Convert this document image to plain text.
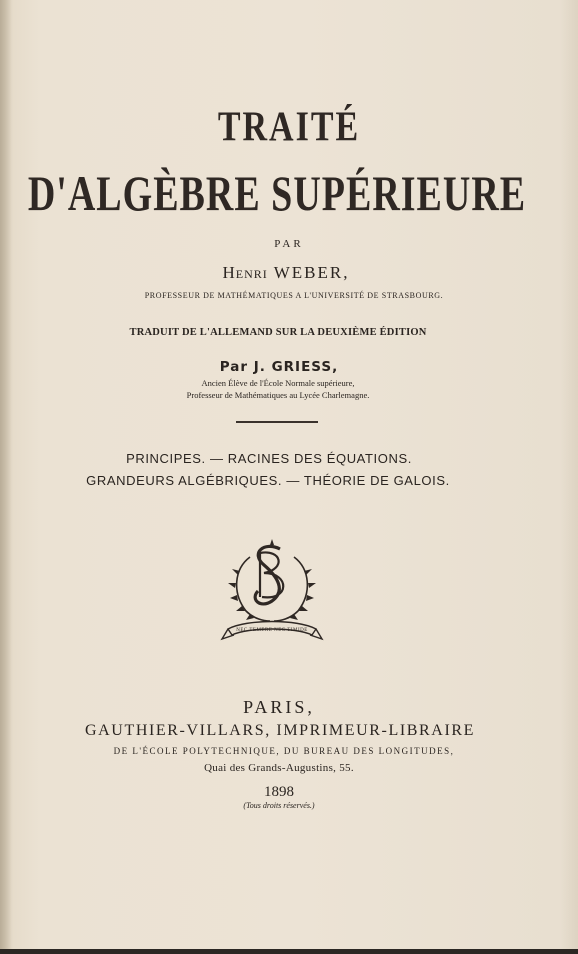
TRAITÉ
D'ALGÈBRE SUPÉRIEURE
PAR
Henri WEBER,
PROFESSEUR DE MATHÉMATIQUES A L'UNIVERSITÉ DE STRASBOURG.
TRADUIT DE L'ALLEMAND SUR LA DEUXIÈME ÉDITION
Par J. GRIESS,
Ancien Élève de l'École Normale supérieure,
Professeur de Mathématiques au Lycée Charlemagne.
PRINCIPES. — RACINES DES ÉQUATIONS.
GRANDEURS ALGÉBRIQUES. — THÉORIE DE GALOIS.
NEC TEMERE NEC TIMIDE
PARIS,
GAUTHIER-VILLARS, IMPRIMEUR-LIBRAIRE
DE L'ÉCOLE POLYTECHNIQUE, DU BUREAU DES LONGITUDES,
Quai des Grands-Augustins, 55.
1898
(Tous droits réservés.)
